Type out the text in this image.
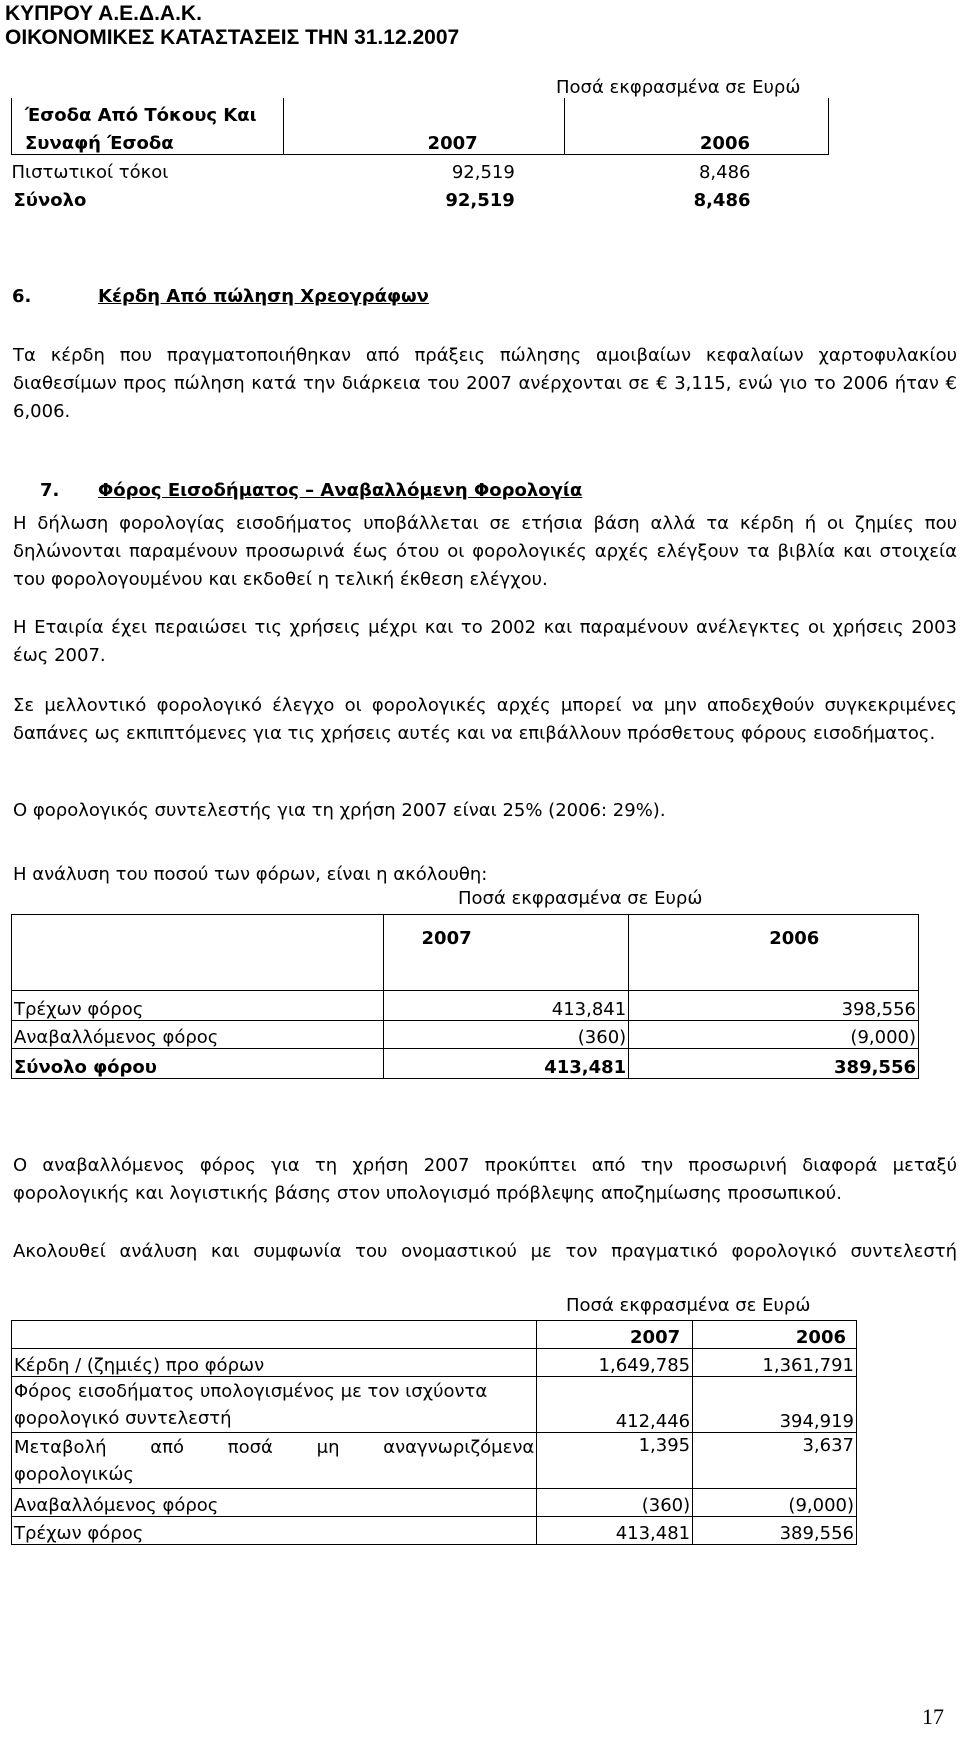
ΚΥΠΡΟΥ Α.Ε.Δ.Α.Κ.
ΟΙΚΟΝΟΜΙΚΕΣ ΚΑΤΑΣΤΑΣΕΙΣ ΤΗΝ 31.12.2007
Ποσά εκφρασμένα σε Ευρώ
Έσοδα Από Τόκους Και		
Συναφή Έσοδα	2007	2006
Πιστωτικοί τόκοι	92,519	8,486
Σύνολο	92,519	8,486
6.	Κέρδη Από πώληση Χρεογράφων

Τα κέρδη που πραγματοποιήθηκαν από πράξεις πώλησης αμοιβαίων κεφαλαίων χαρτοφυλακίου διαθεσίμων προς πώληση κατά την διάρκεια του 2007 ανέρχονται σε € 3,115, ενώ γιο το 2006 ήταν € 6,006.

7. Φόρος Εισοδήματος – Αναβαλλόμενη Φορολογία

Η δήλωση φορολογίας εισοδήματος υποβάλλεται σε ετήσια βάση αλλά τα κέρδη ή οι ζημίες που δηλώνονται παραμένουν προσωρινά έως ότου οι φορολογικές αρχές ελέγξουν τα βιβλία και στοιχεία του φορολογουμένου και εκδοθεί η τελική έκθεση ελέγχου.

Η Εταιρία έχει περαιώσει τις χρήσεις μέχρι και το 2002 και παραμένουν ανέλεγκτες οι χρήσεις 2003 έως 2007.

Σε μελλοντικό φορολογικό έλεγχο οι φορολογικές αρχές μπορεί να μην αποδεχθούν συγκεκριμένες δαπάνες ως εκπιπτόμενες για τις χρήσεις αυτές και να επιβάλλουν πρόσθετους φόρους εισοδήματος.

Ο φορολογικός συντελεστής για τη χρήση 2007 είναι 25% (2006: 29%).

Η ανάλυση του ποσού των φόρων, είναι η ακόλουθη:

Ποσά εκφρασμένα σε Ευρώ
	2007	2006

Τρέχων φόρος	413,841	398,556
Αναβαλλόμενος φόρος	(360)	(9,000)
Σύνολο φόρου	413,481	389,556

Ο αναβαλλόμενος φόρος για τη χρήση 2007 προκύπτει από την προσωρινή διαφορά μεταξύ φορολογικής και λογιστικής βάσης στον υπολογισμό πρόβλεψης αποζημίωσης προσωπικού.

Ακολουθεί ανάλυση και συμφωνία του ονομαστικού με τον πραγματικό φορολογικό συντελεστή

Ποσά εκφρασμένα σε Ευρώ
	2007	2006
Κέρδη / (ζημιές) προ φόρων	1,649,785	1,361,791
Φόρος εισοδήματος υπολογισμένος με τον ισχύοντα
φορολογικό συντελεστή	412,446	394,919

Μεταβολή από ποσά μη αναγνωριζόμενα
φορολογικώς	1,395	3,637
Αναβαλλόμενος φόρος	(360)	(9,000)
Τρέχων φόρος	413,481	389,556
17
